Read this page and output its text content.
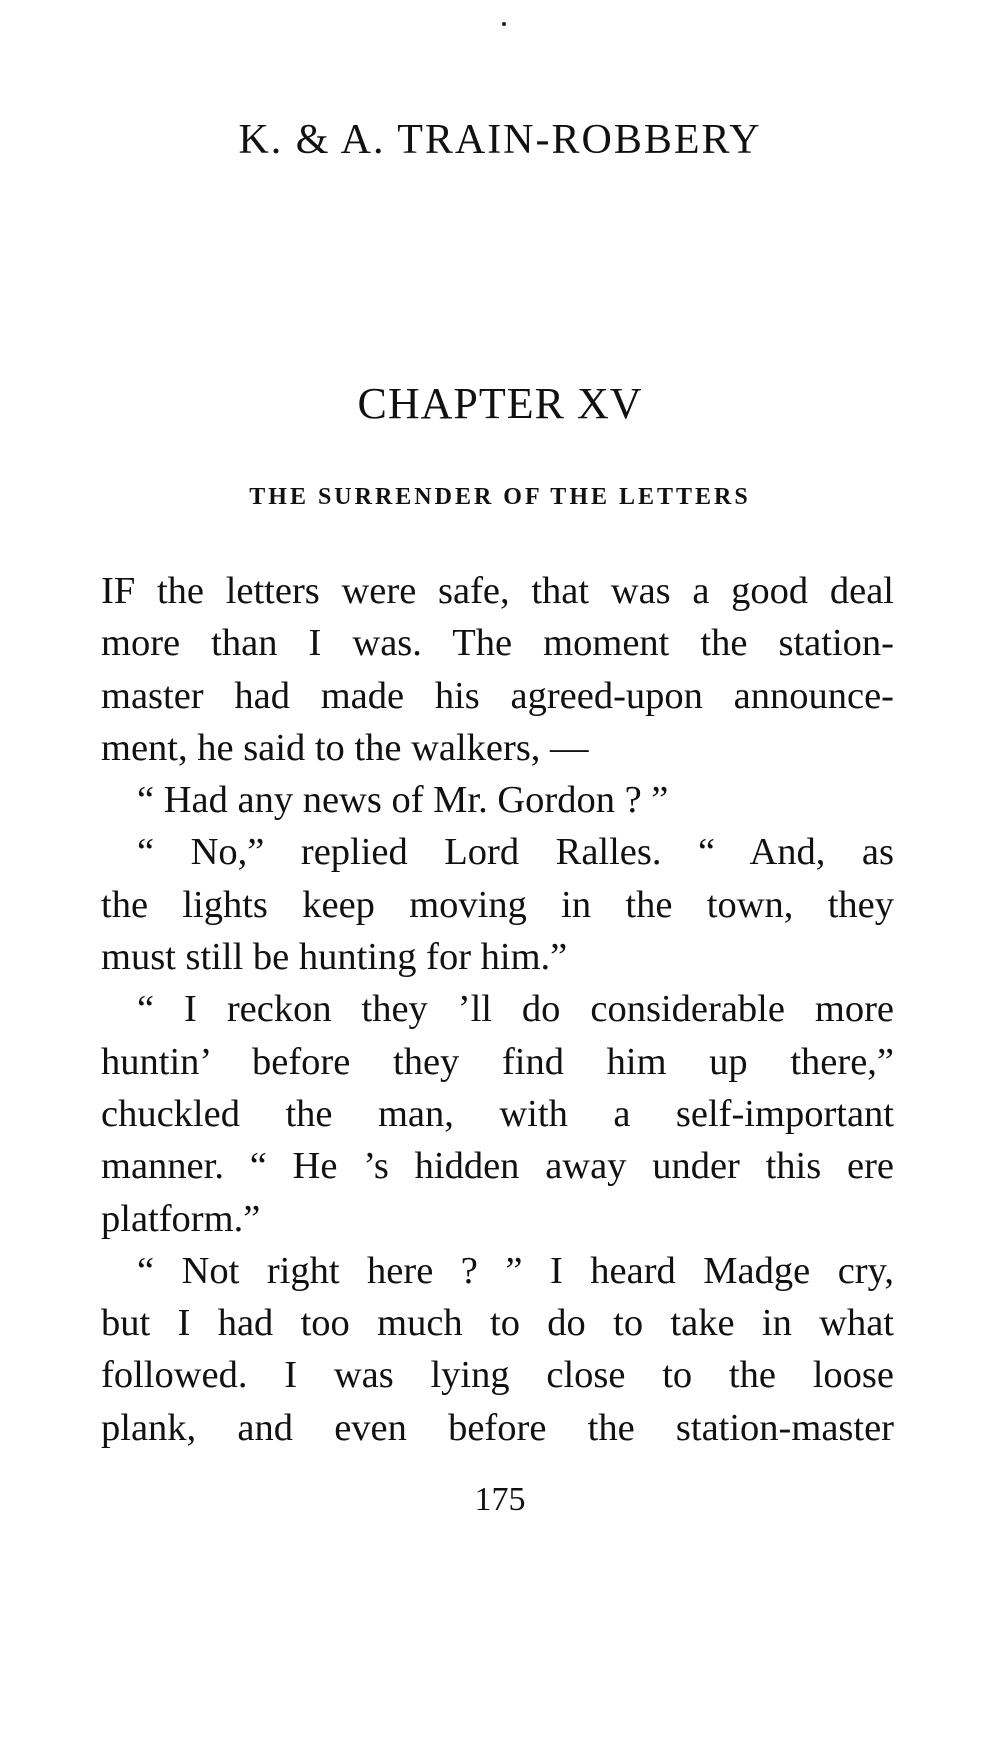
K. & A. TRAIN-ROBBERY
CHAPTER XV
THE SURRENDER OF THE LETTERS
IF the letters were safe, that was a good deal
more than I was. The moment the station-
master had made his agreed-upon announce-
ment, he said to the walkers, —
“ Had any news of Mr. Gordon ? ”
“ No,” replied Lord Ralles. “ And, as
the lights keep moving in the town, they
must still be hunting for him.”
“ I reckon they ’ll do considerable more
huntin’ before they find him up there,”
chuckled the man, with a self-important
manner. “ He ’s hidden away under this ere
platform.”
“ Not right here ? ” I heard Madge cry,
but I had too much to do to take in what
followed. I was lying close to the loose
plank, and even before the station-master
175
